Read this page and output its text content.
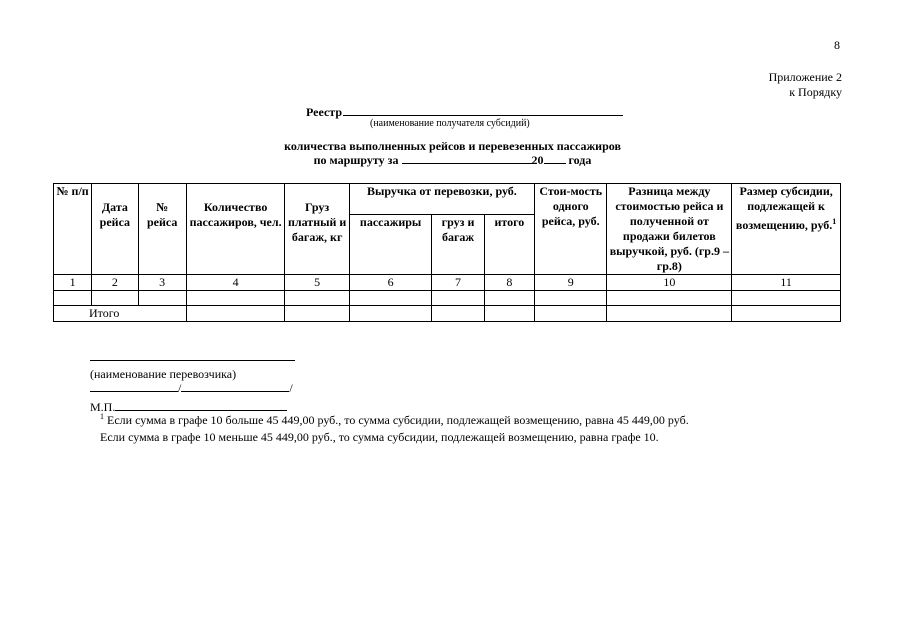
8
Приложение 2
к Порядку
Реестр
(наименование получателя субсидий)
количества выполненных рейсов и перевезенных пассажиров
по маршруту за	20 года
№ п/п	Дата рейса	№ рейса	Количество пассажиров, чел.	Груз платный и багаж, кг	Выручка от перевозки, руб.			Стои-мость одного рейса, руб.	Разница между стоимостью рейса и полученной от продажи билетов выручкой, руб. (гр.9 – гр.8)	Размер субсидии, подлежащей к возмещению, руб.$^1$
					пассажиры	груз и багаж	итого			
1	2	3	4	5	6	7	8	9	10	11

Итого										
(наименование перевозчика)
/	/
М.П.
$^1$ Если сумма в графе 10 больше 45 449,00 руб., то сумма субсидии, подлежащей возмещению, равна 45 449,00 руб.
Если сумма в графе 10 меньше 45 449,00 руб., то сумма субсидии, подлежащей возмещению, равна графе 10.
